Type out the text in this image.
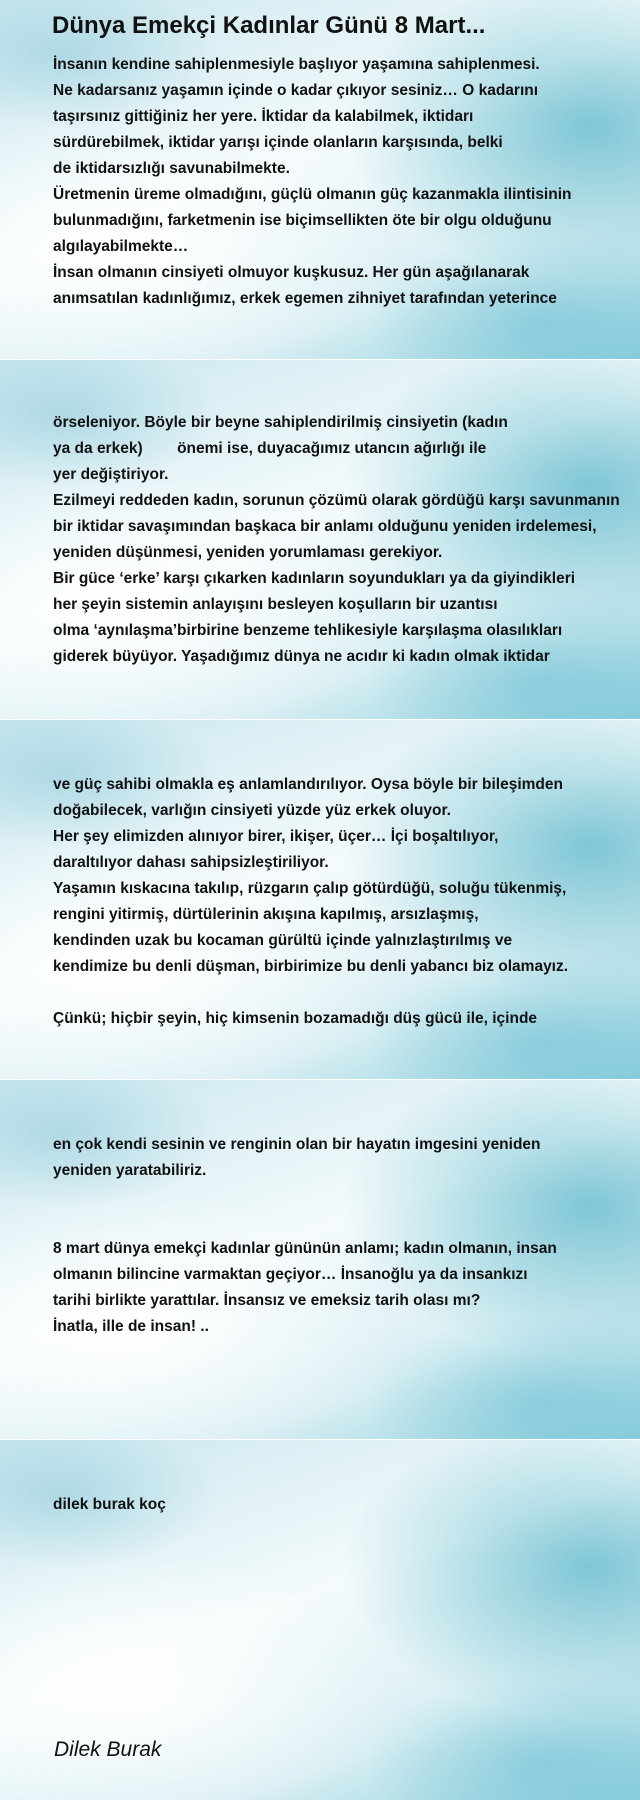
Dünya Emekçi Kadınlar Günü 8 Mart...

İnsanın kendine sahiplenmesiyle başlıyor yaşamına sahiplenmesi.

Ne kadarsanız yaşamın içinde o kadar çıkıyor sesiniz… O kadarını

taşırsınız gittiğiniz her yere. İktidar da kalabilmek, iktidarı

sürdürebilmek, iktidar yarışı içinde olanların karşısında, belki

de iktidarsızlığı savunabilmekte.

Üretmenin üreme olmadığını, güçlü olmanın güç kazanmakla ilintisinin

bulunmadığını, farketmenin ise biçimsellikten öte bir olgu olduğunu

algılayabilmekte…

İnsan olmanın cinsiyeti olmuyor kuşkusuz. Her gün aşağılanarak

anımsatılan kadınlığımız, erkek egemen zihniyet tarafından yeterince

örseleniyor. Böyle bir beyne sahiplendirilmiş cinsiyetin (kadın

ya da erkek)        önemi ise, duyacağımız utancın ağırlığı ile

yer değiştiriyor.

Ezilmeyi reddeden kadın, sorunun çözümü olarak gördüğü karşı savunmanın

bir iktidar savaşımından başkaca bir anlamı olduğunu yeniden irdelemesi,

yeniden düşünmesi, yeniden yorumlaması gerekiyor.

Bir güce ‘erke’ karşı çıkarken kadınların soyundukları ya da giyindikleri

her şeyin sistemin anlayışını besleyen koşulların bir uzantısı

olma ‘aynılaşma’birbirine benzeme tehlikesiyle karşılaşma olasılıkları

giderek büyüyor. Yaşadığımız dünya ne acıdır ki kadın olmak iktidar

ve güç sahibi olmakla eş anlamlandırılıyor. Oysa böyle bir bileşimden

doğabilecek, varlığın cinsiyeti yüzde yüz erkek oluyor.

Her şey elimizden alınıyor birer, ikişer, üçer… İçi boşaltılıyor,

daraltılıyor dahası sahipsizleştiriliyor.

Yaşamın kıskacına takılıp, rüzgarın çalıp götürdüğü, soluğu tükenmiş,

rengini yitirmiş, dürtülerinin akışına kapılmış, arsızlaşmış,

kendinden uzak bu kocaman gürültü içinde yalnızlaştırılmış ve

kendimize bu denli düşman, birbirimize bu denli yabancı biz olamayız.

Çünkü; hiçbir şeyin, hiç kimsenin bozamadığı düş gücü ile, içinde

en çok kendi sesinin ve renginin olan bir hayatın imgesini yeniden

yeniden yaratabiliriz.

8 mart dünya emekçi kadınlar gününün anlamı; kadın olmanın, insan

olmanın bilincine varmaktan geçiyor… İnsanoğlu ya da insankızı

tarihi birlikte yarattılar. İnsansız ve emeksiz tarih olası mı?

İnatla, ille de insan! ..

dilek burak koç

Dilek Burak
